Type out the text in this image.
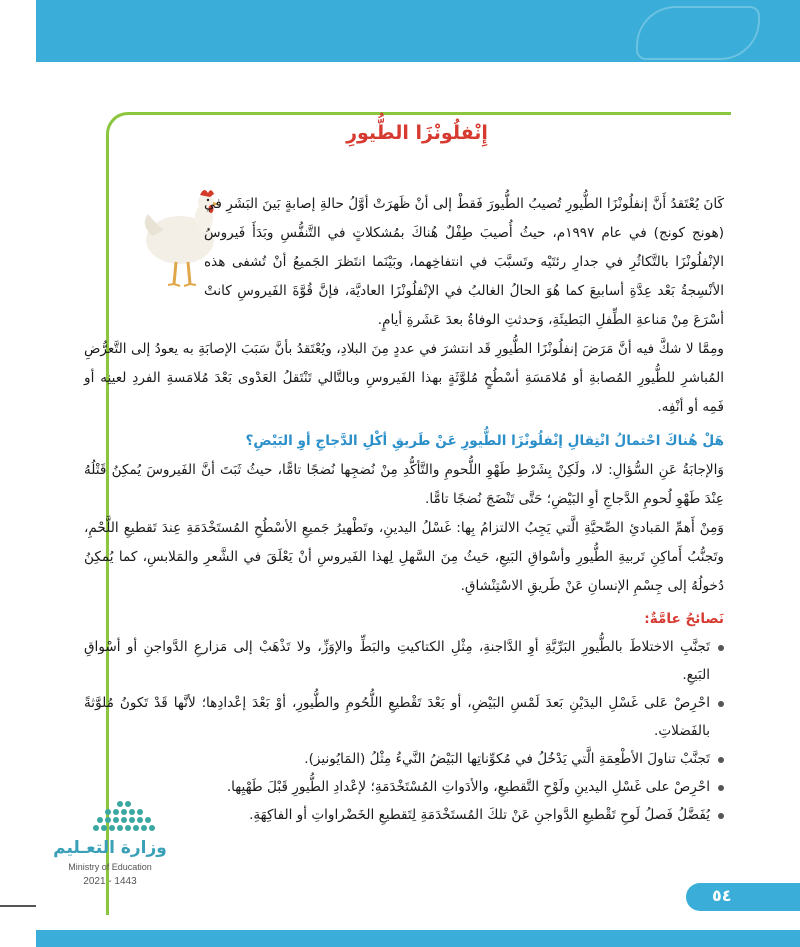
إِنْفلُونْزَا الطُّيورِ

كَانَ يُعْتَقدُ أَنَّ إنفلُونْزَا الطُّيورِ تُصيبُ الطُّيورَ فَقطْ إلى أنْ ظَهرَتْ أوَّلُ حالةِ إصابةٍ بَينَ البَشَرِ في (هونج كونج) في عام ١٩٩٧م، حيثُ أُصيبَ طِفْلٌ هُناكَ بمُشكلاتٍ في التَّنفُّسِ وبَدَأَ فَيروسُ الإنْفلُونْزَا بالتَّكاثُرِ في جدارِ رئتَيْه وتَسبَّبَ في انتفاخِهما، وبَيْنَما انتَظرَ الجَميعُ أنْ تُشفى هذه الأنْسِجةُ بَعْد عِدَّةِ أسابيعَ كما هُوَ الحالُ الغالبُ في الإنْفلُونْزَا العاديَّة، فإنَّ قُوَّةَ الفَيروسِ كانتْ أسْرَعَ مِنْ مَناعةِ الطِّفلِ البَطيئَةِ، وَحدثتِ الوفاةُ بعدَ عَشَرةِ أيامٍ.

ومِمَّا لا شكَّ فيه أنَّ مَرَضَ إنفلُونْزَا الطُّيورِ قَد انتشرَ في عددٍ مِنَ البلادِ، ويُعْتَقدُ بأنَّ سَبَبَ الإصابَةِ به يعودُ إلى التَّعرُّضِ المُباشرِ للطُّيورِ المُصابةِ أو مُلامَسَةِ أسْطُحٍ مُلوَّثَةٍ بهذا الفَيروسِ وبالتَّالي تَنْتَقلُ العَدْوى بَعْدَ مُلامَسةِ الفردِ لعينِه أو فَمِه أو أنْفِه.

هَلْ هُناكَ احْتمالُ انْتِقالِ إنْفلُونْزَا الطُّيورِ عَنْ طَريقِ أكْلِ الدَّجاجِ أوِ البَيْضِ؟

وَالإجابَةُ عَنِ السُّؤالِ: لا، ولَكِنْ بِشَرْطِ طَهْوِ اللُّحومِ والتَّأكُّدِ مِنْ نُضجِها نُضجًا تامًّا، حيثُ ثَبَتَ أنَّ الفَيروسَ يُمكِنُ قَتْلُهُ عِنْدَ طَهْوِ لُحومِ الدَّجاجِ أوِ البَيْضِ؛ حَتَّى تَنْضَجَ نُضجًا تامًّا.

وَمِنْ أَهمِّ المَبادئِ الصِّحيَّةِ الَّتي يَجِبُ الالتزامُ بِها: غَسْلُ اليدينِ، وتَطْهيرُ جَميعِ الأسْطُحِ المُستَخْدَمَةِ عِندَ تَقطيعِ اللَّحْمِ، وتَجنُّبُ أَماكِنِ تَربيةِ الطُّيورِ وأسْواقِ البَيعِ، حَيثُ مِنَ السَّهلِ لِهذا الفَيروسِ أنْ يَعْلَقَ في الشَّعرِ والمَلابسِ، كما يُمكِنُ دُخولُهُ إلى جِسْمِ الإنسانِ عَنْ طَريقِ الاسْتِنْشاقِ.

نَصائحُ عامَّةٌ:

تَجنَّبِ الاختلاطَ بالطُّيورِ البَرِّيَّةِ أوِ الدَّاجنةِ، مِثْلِ الكتاكيتِ والبَطِّ والإوَزِّ، ولا تَذْهَبْ إلى مَزارعِ الدَّواجنِ أو أسْواقِ البَيعِ.
احْرِصْ عَلى غَسْلِ اليدَيْنِ بَعدَ لَمْسِ البَيْضِ، أو بَعْدَ تَقْطيعِ اللُّحُومِ والطُّيورِ، أوْ بَعْدَ إعْدادِها؛ لأنَّها قَدْ تَكونُ مُلوَّثةً بالفَضلاتِ.
تَجنَّبْ تناولَ الأطْعِمَةِ الَّتي يَدْخُلُ في مُكوِّناتِها البَيْضُ النَّيءُ مِثْلُ (المَايُونيز).
احْرِصْ على غَسْلِ اليدينِ ولَوْحِ التَّقطيعِ، والأدَواتِ المُسْتَخْدَمَةِ؛ لإعْدادِ الطُّيورِ قَبْلَ طَهْيِها.
يُفَضَّلُ فَصلُ لَوحِ تَقْطيعِ الدَّواجنِ عَنْ تلكَ المُستَخْدَمَةِ لِتَقطيعِ الخَضْراواتِ أو الفاكِهَةِ.
وزارة التعـليم
Ministry of Education
2021 - 1443
٥٤
